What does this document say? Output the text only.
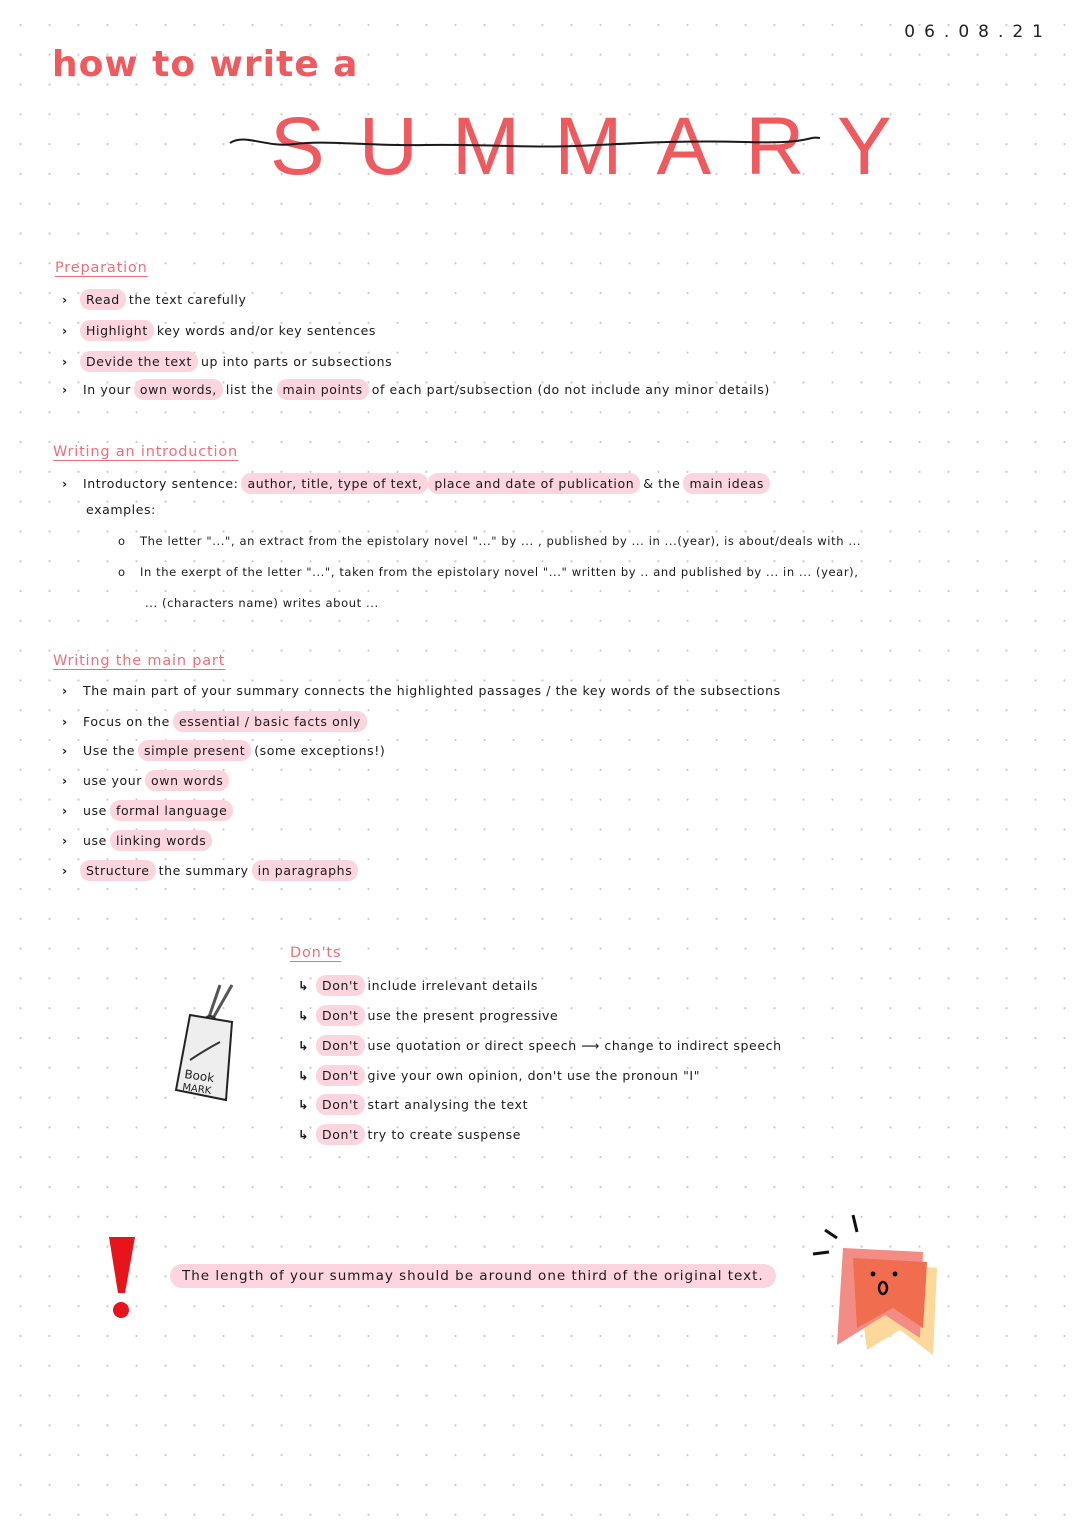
06.08.21
how to write a
SUMMARY
Preparation
›	Read the text carefully
›	Highlight key words and/or key sentences
›	Devide the text up into parts or subsections
›	In your own words, list the main points of each part/subsection (do not include any minor details)
Writing an introduction
›	Introductory sentence: author, title, type of text, place and date of publication & the main ideas
examples:
o	The letter "...", an extract from the epistolary novel "..." by ... , published by ... in ...(year), is about/deals with ...
o	In the exerpt of the letter "...", taken from the epistolary novel "..." written by .. and published by ... in ... (year),
... (characters name) writes about ...
Writing the main part
›	The main part of your summary connects the highlighted passages / the key words of the subsections
›	Focus on the essential / basic facts only
›	Use the simple present (some exceptions!)
›	use your own words
›	use formal language
›	use linking words
›	Structure the summary in paragraphs
Don'ts
↳	Don't include irrelevant details
↳	Don't use the present progressive
↳	Don't use quotation or direct speech ⟶ change to indirect speech
↳	Don't give your own opinion, don't use the pronoun "I"
↳	Don't start analysing the text
↳	Don't try to create suspense
Book
MARK
The length of your summay should be around one third of the original text.
